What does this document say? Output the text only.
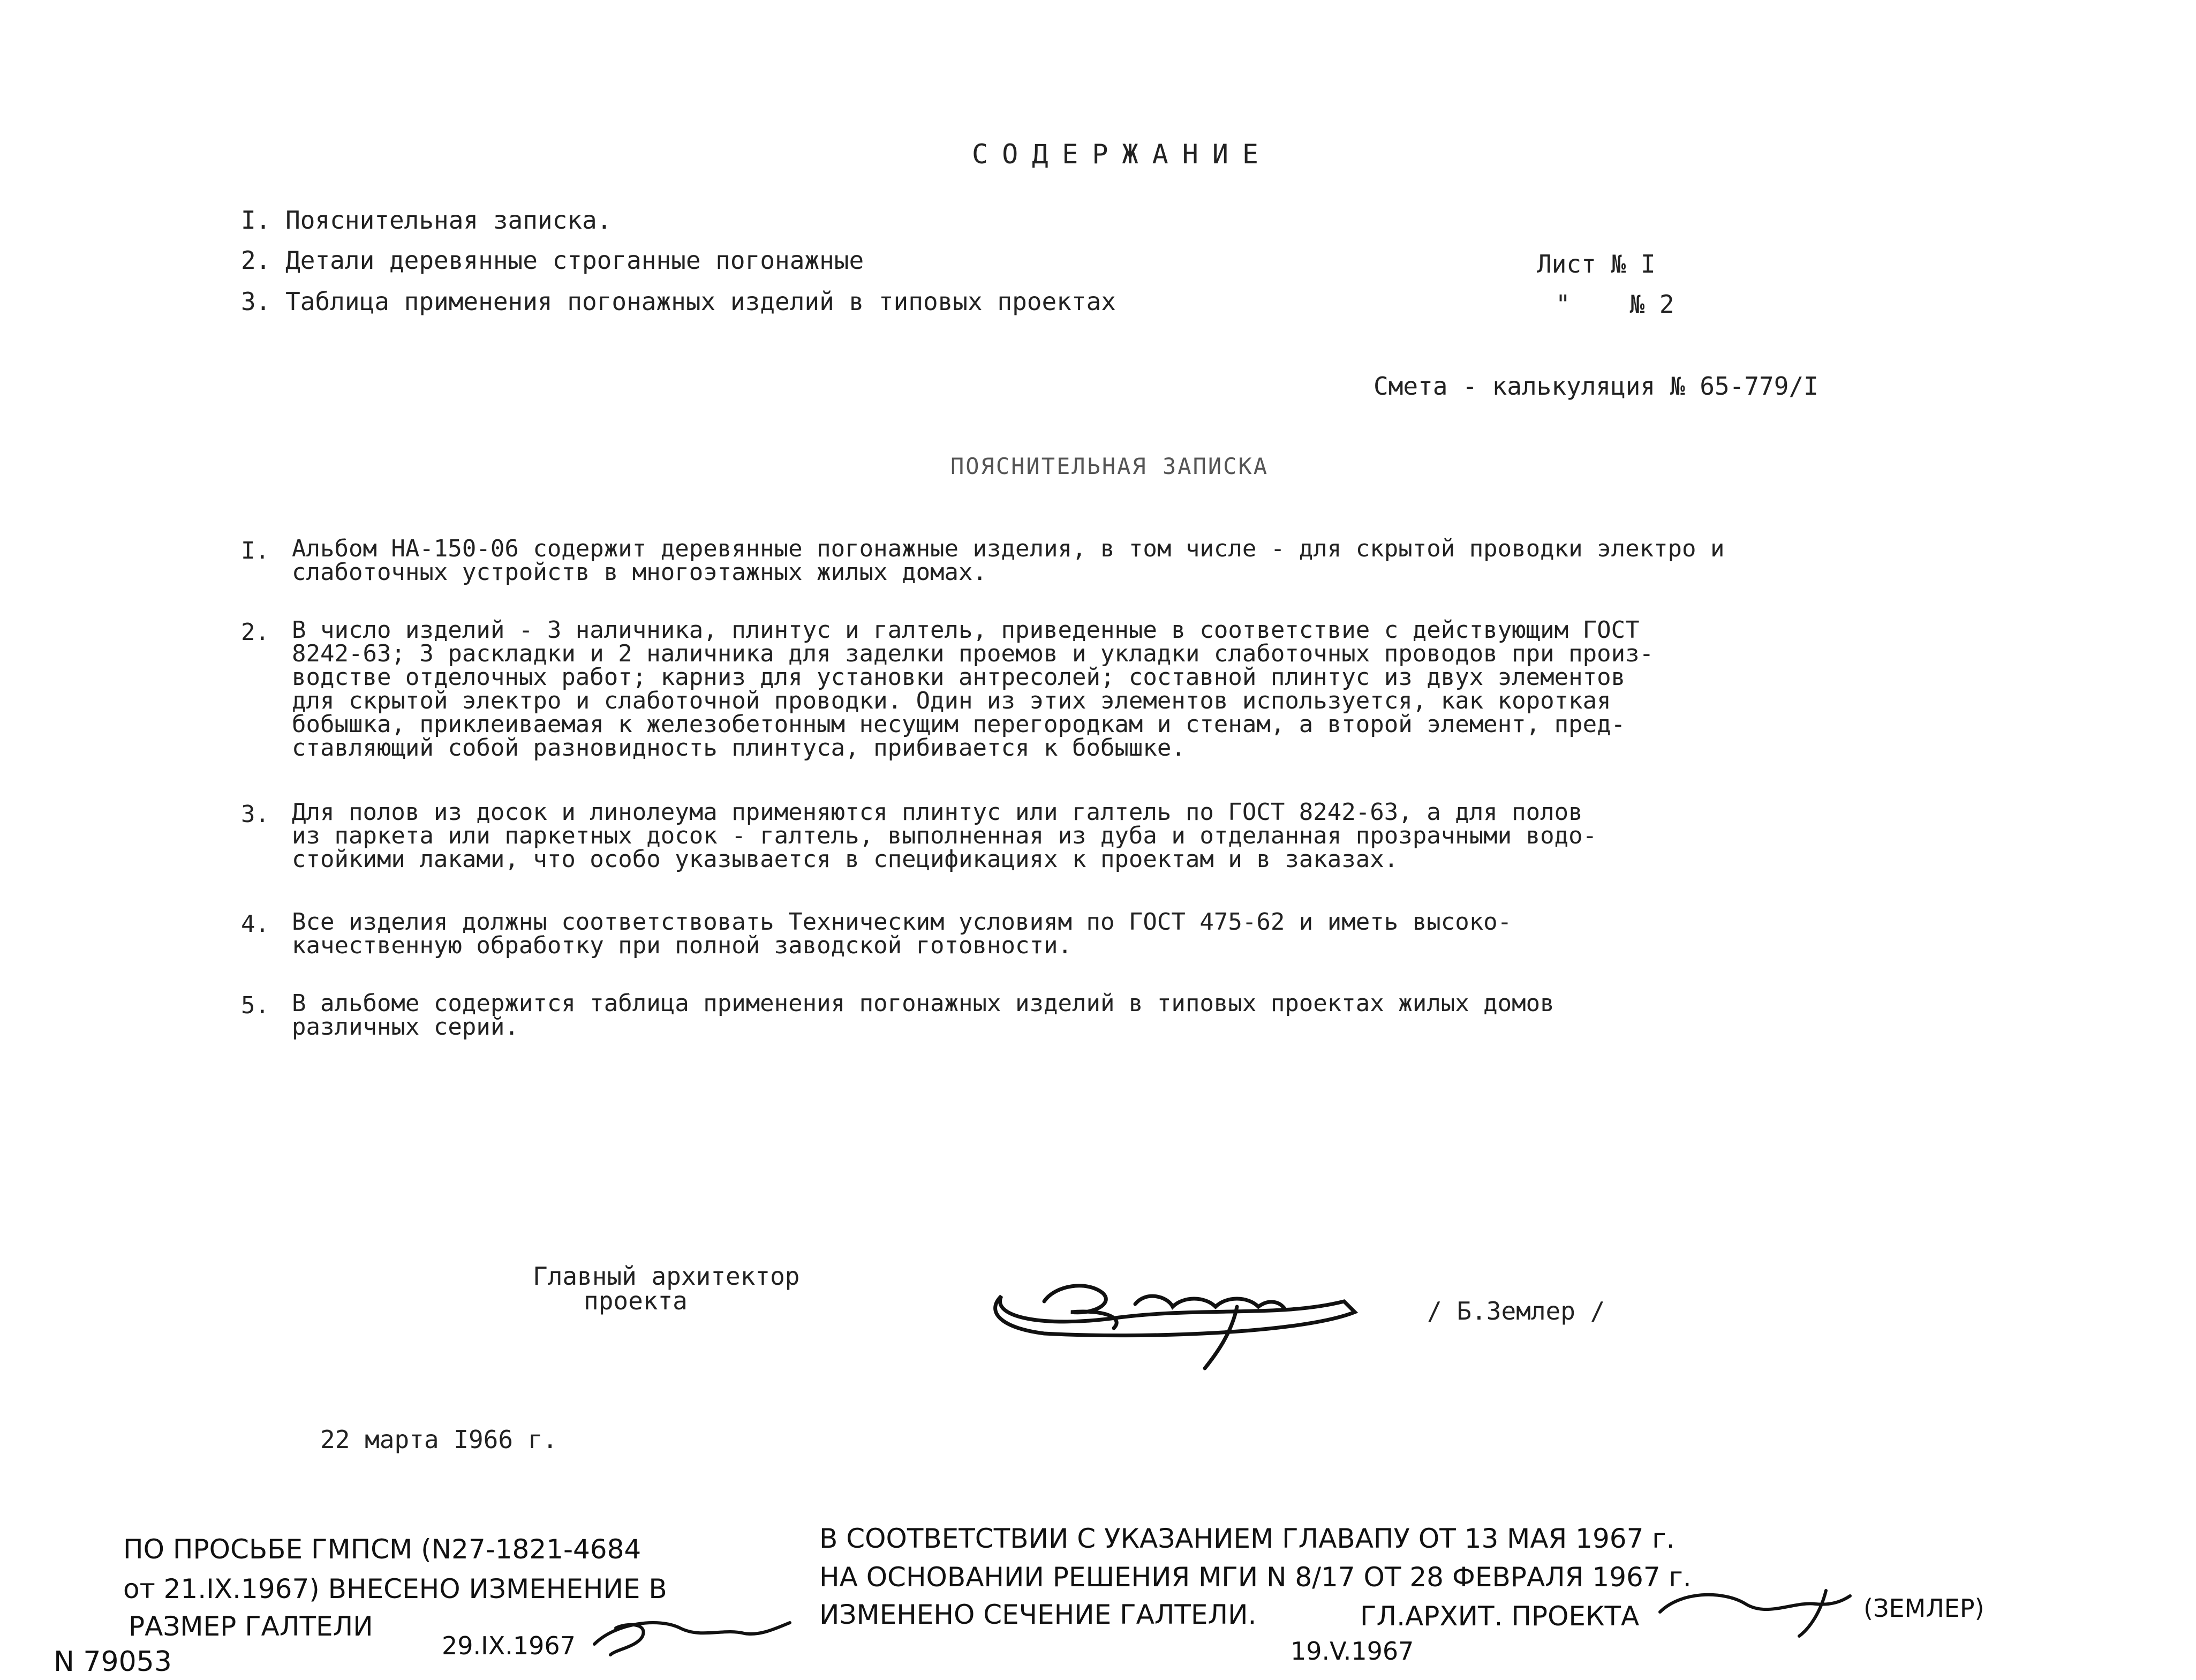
СОДЕРЖАНИЕ
I. Пояснительная записка.
2. Детали деревянные строганные погонажные
3. Таблица применения погонажных изделий в типовых проектах
Лист № I
"    № 2
Смета - калькуляция № 65-779/I
ПОЯСНИТЕЛЬНАЯ ЗАПИСКА
I. Альбом НА-150-06 содержит деревянные погонажные изделия, в том числе - для скрытой проводки электро и
слаботочных устройств в многоэтажных жилых домах.
2. В число изделий - 3 наличника, плинтус и галтель, приведенные в соответствие с действующим ГОСТ
8242-63; 3 раскладки и 2 наличника для заделки проемов и укладки слаботочных проводов при произ-
водстве отделочных работ; карниз для установки антресолей; составной плинтус из двух элементов
для скрытой электро и слаботочной проводки. Один из этих элементов используется, как короткая
бобышка, приклеиваемая к железобетонным несущим перегородкам и стенам, а второй элемент, пред-
ставляющий собой разновидность плинтуса, прибивается к бобышке.
3. Для полов из досок и линолеума применяются плинтус или галтель по ГОСТ 8242-63, а для полов
из паркета или паркетных досок - галтель, выполненная из дуба и отделанная прозрачными водо-
стойкими лаками, что особо указывается в спецификациях к проектам и в заказах.
4. Все изделия должны соответствовать Техническим условиям по ГОСТ 475-62 и иметь высоко-
качественную обработку при полной заводской готовности.
5. В альбоме содержится таблица применения погонажных изделий в типовых проектах жилых домов
различных серий.
Главный архитектор
проекта	/ Б.Землер /
22 марта I966 г.
ПО ПРОСЬБЕ ГМПСМ (N27-1821-4684
от 21.IX.1967) ВНЕСЕНО ИЗМЕНЕНИЕ В
РАЗМЕР ГАЛТЕЛИ
29.IX.1967
N 79053
В СООТВЕТСТВИИ С УКАЗАНИЕМ ГЛАВАПУ ОТ 13 МАЯ 1967 г.
НА ОСНОВАНИИ РЕШЕНИЯ МГИ N 8/17 ОТ 28 ФЕВРАЛЯ 1967 г.
ИЗМЕНЕНО СЕЧЕНИЕ ГАЛТЕЛИ.	ГЛ.АРХИТ. ПРОЕКТА	(ЗЕМЛЕР)
19.V.1967
